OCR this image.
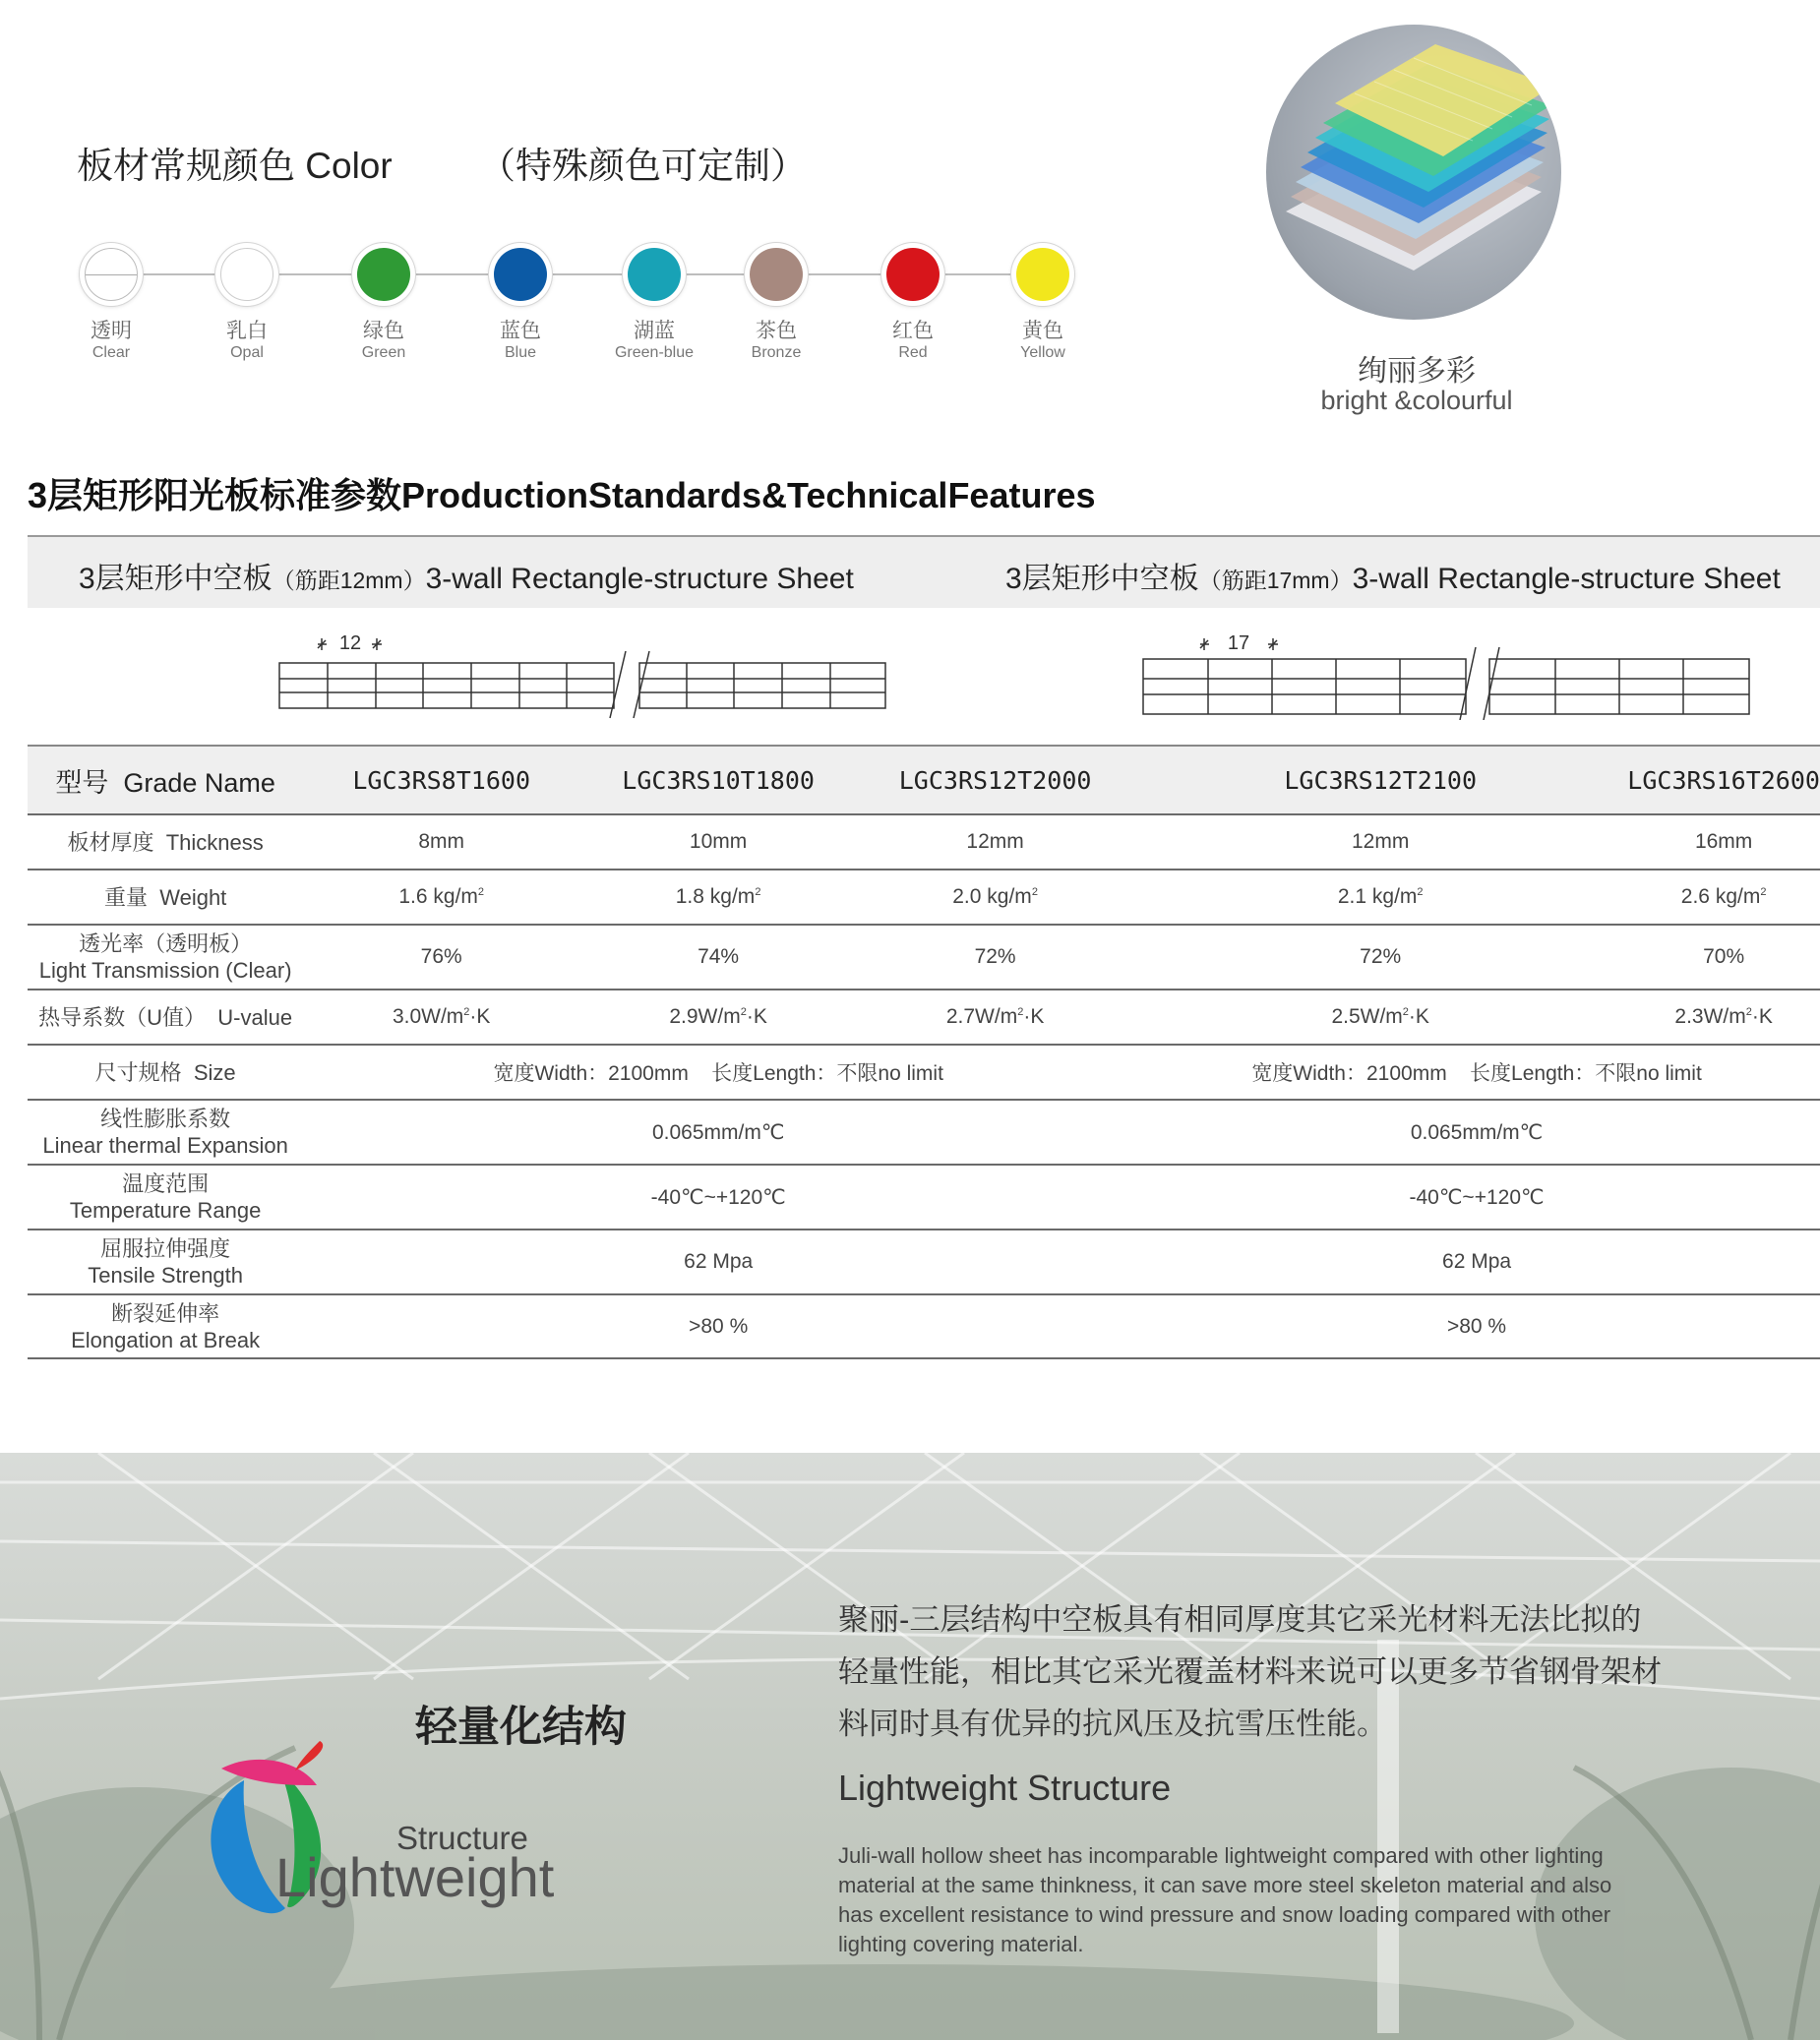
板材常规颜色 Color （特殊颜色可定制）
透明
Clear
乳白
Opal
绿色
Green
蓝色
Blue
湖蓝
Green-blue
茶色
Bronze
红色
Red
黄色
Yellow
绚丽多彩
bright &colourful
3层矩形阳光板标准参数ProductionStandards&TechnicalFeatures
3层矩形中空板（筋距12mm）3-wall Rectangle-structure Sheet	3层矩形中空板（筋距17mm）3-wall Rectangle-structure Sheet
12	17
型号 Grade Name	LGC3RS8T1600	LGC3RS10T1800	LGC3RS12T2000	LGC3RS12T2100	LGC3RS16T2600
板材厚度 Thickness	8mm	10mm	12mm	12mm	16mm
重量 Weight	1.6 $kg/m^2$	1.8 $kg/m^2$	2.0 $kg/m^2$	2.1 $kg/m^2$	2.6 $kg/m^2$

透光率（透明板）
Light Transmission (Clear)	76%	74%	72%	72%	70%
热导系数（U值） U-value	$3.0W/m^2\cdot K$	$2.9W/m^2\cdot K$	$2.7W/m^2\cdot K$	$2.5W/m^2\cdot K$	$2.3W/m^2\cdot K$
尺寸规格 Size	宽度Width：2100mm    长度Length：不限no limit			宽度Width：2100mm    长度Length：不限no limit	

线性膨胀系数
Linear thermal Expansion	0.065mm/m℃			0.065mm/m℃	

温度范围
Temperature Range	-40℃~+120℃			-40℃~+120℃	

屈服拉伸强度
Tensile Strength	62 Mpa			62 Mpa	

断裂延伸率
Elongation at Break	>80 %			>80 %	
Structure
Lightweight
轻量化结构
聚丽-三层结构中空板具有相同厚度其它采光材料无法比拟的轻量性能，相比其它采光覆盖材料来说可以更多节省钢骨架材料同时具有优异的抗风压及抗雪压性能。
Lightweight Structure
Juli-wall hollow sheet has incomparable lightweight compared with other lighting material at the same thinkness, it can save more steel skeleton material and also has excellent resistance to wind pressure and snow loading compared with other lighting covering material.
